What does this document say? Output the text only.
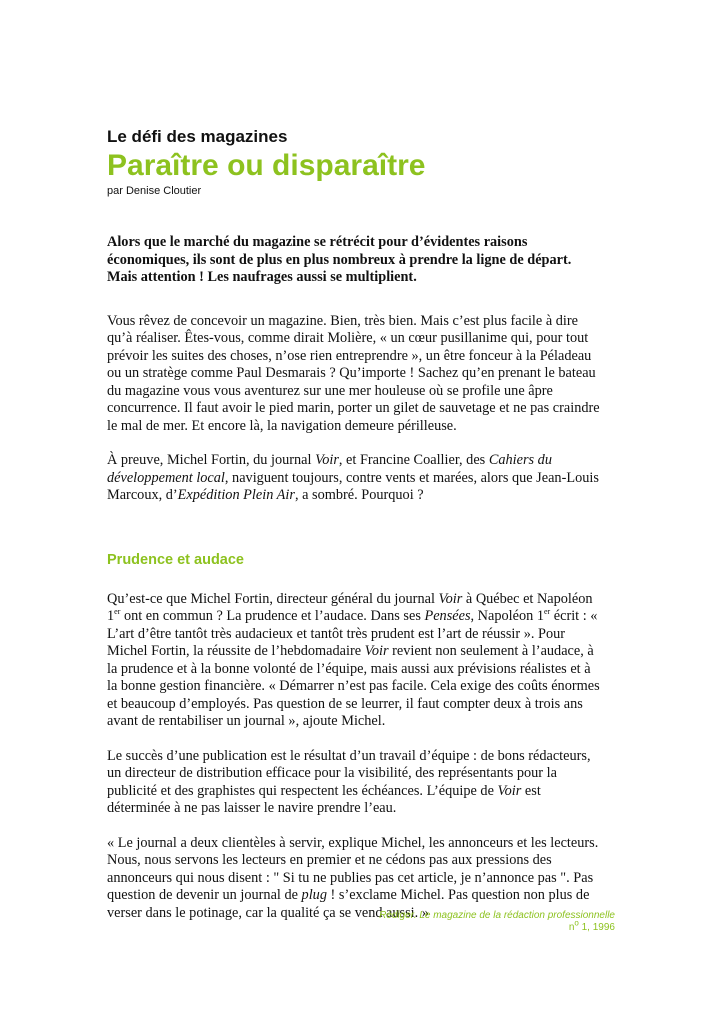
Le défi des magazines
Paraître ou disparaître

par Denise Cloutier

Alors que le marché du magazine se rétrécit pour d’évidentes raisons économiques, ils sont de plus en plus nombreux à prendre la ligne de départ. Mais attention ! Les naufrages aussi se multiplient.

Vous rêvez de concevoir un magazine. Bien, très bien. Mais c’est plus facile à dire qu’à réaliser. Êtes-vous, comme dirait Molière, « un cœur pusillanime qui, pour tout prévoir les suites des choses, n’ose rien entreprendre », un être fonceur à la Péladeau ou un stratège comme Paul Desmarais ? Qu’importe ! Sachez qu’en prenant le bateau du magazine vous vous aventurez sur une mer houleuse où se profile une âpre concurrence. Il faut avoir le pied marin, porter un gilet de sauvetage et ne pas craindre le mal de mer. Et encore là, la navigation demeure périlleuse.

À preuve, Michel Fortin, du journal Voir, et Francine Coallier, des Cahiers du développement local, naviguent toujours, contre vents et marées, alors que Jean-Louis Marcoux, d’Expédition Plein Air, a sombré. Pourquoi ?

Prudence et audace

Qu’est-ce que Michel Fortin, directeur général du journal Voir à Québec et Napoléon 1er ont en commun ? La prudence et l’audace. Dans ses Pensées, Napoléon 1er écrit : « L’art d’être tantôt très audacieux et tantôt très prudent est l’art de réussir ». Pour Michel Fortin, la réussite de l’hebdomadaire Voir revient non seulement à l’audace, à la prudence et à la bonne volonté de l’équipe, mais aussi aux prévisions réalistes et à la bonne gestion financière. « Démarrer n’est pas facile. Cela exige des coûts énormes et beaucoup d’employés. Pas question de se leurrer, il faut compter deux à trois ans avant de rentabiliser un journal », ajoute Michel.

Le succès d’une publication est le résultat d’un travail d’équipe : de bons rédacteurs, un directeur de distribution efficace pour la visibilité, des représentants pour la publicité et des graphistes qui respectent les échéances. L’équipe de Voir est déterminée à ne pas laisser le navire prendre l’eau.

« Le journal a deux clientèles à servir, explique Michel, les annonceurs et les lecteurs. Nous, nous servons les lecteurs en premier et ne cédons pas aux pressions des annonceurs qui nous disent : " Si tu ne publies pas cet article, je n’annonce pas ". Pas question de devenir un journal de plug ! s’exclame Michel. Pas question non plus de verser dans le potinage, car la qualité ça se vend aussi. »

Rédiger. Le magazine de la rédaction professionnelle
$n^o$ 1, 1996
